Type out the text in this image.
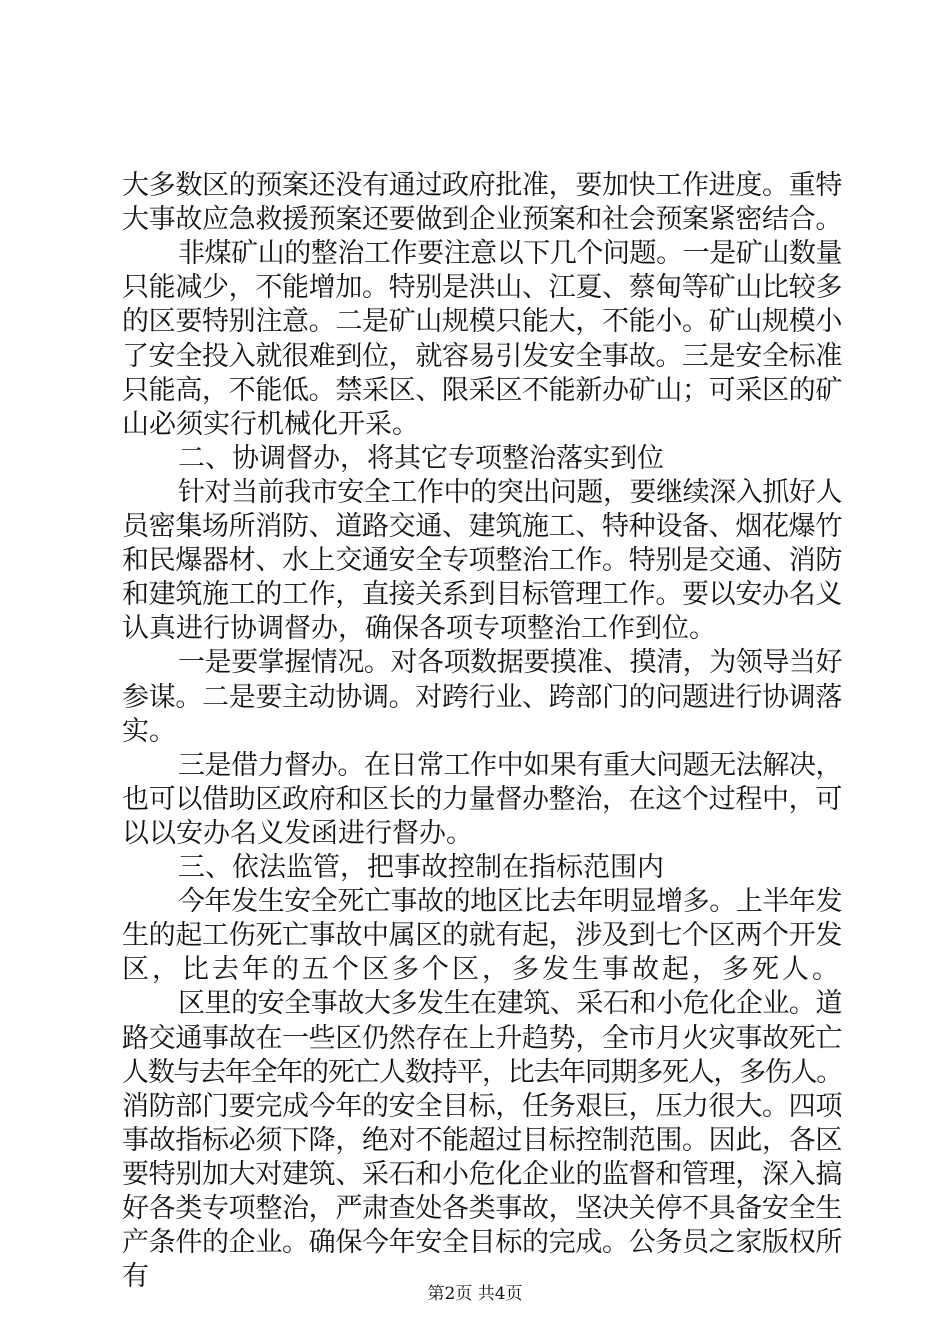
大多数区的预案还没有通过政府批准，要加快工作进度。重特
大事故应急救援预案还要做到企业预案和社会预案紧密结合。
非煤矿山的整治工作要注意以下几个问题。一是矿山数量
只能减少，不能增加。特别是洪山、江夏、蔡甸等矿山比较多
的区要特别注意。二是矿山规模只能大，不能小。矿山规模小
了安全投入就很难到位，就容易引发安全事故。三是安全标准
只能高，不能低。禁采区、限采区不能新办矿山；可采区的矿
山必须实行机械化开采。
二、协调督办，将其它专项整治落实到位
针对当前我市安全工作中的突出问题，要继续深入抓好人
员密集场所消防、道路交通、建筑施工、特种设备、烟花爆竹
和民爆器材、水上交通安全专项整治工作。特别是交通、消防
和建筑施工的工作，直接关系到目标管理工作。要以安办名义
认真进行协调督办，确保各项专项整治工作到位。
一是要掌握情况。对各项数据要摸准、摸清，为领导当好
参谋。二是要主动协调。对跨行业、跨部门的问题进行协调落
实。
三是借力督办。在日常工作中如果有重大问题无法解决，
也可以借助区政府和区长的力量督办整治，在这个过程中，可
以以安办名义发函进行督办。
三、依法监管，把事故控制在指标范围内
今年发生安全死亡事故的地区比去年明显增多。上半年发
生的起工伤死亡事故中属区的就有起，涉及到七个区两个开发
区，比去年的五个区多个区，多发生事故起，多死人。
区里的安全事故大多发生在建筑、采石和小危化企业。道
路交通事故在一些区仍然存在上升趋势，全市月火灾事故死亡
人数与去年全年的死亡人数持平，比去年同期多死人，多伤人。
消防部门要完成今年的安全目标，任务艰巨，压力很大。四项
事故指标必须下降，绝对不能超过目标控制范围。因此，各区
要特别加大对建筑、采石和小危化企业的监督和管理，深入搞
好各类专项整治，严肃查处各类事故，坚决关停不具备安全生
产条件的企业。确保今年安全目标的完成。公务员之家版权所
有
第2页 共4页
